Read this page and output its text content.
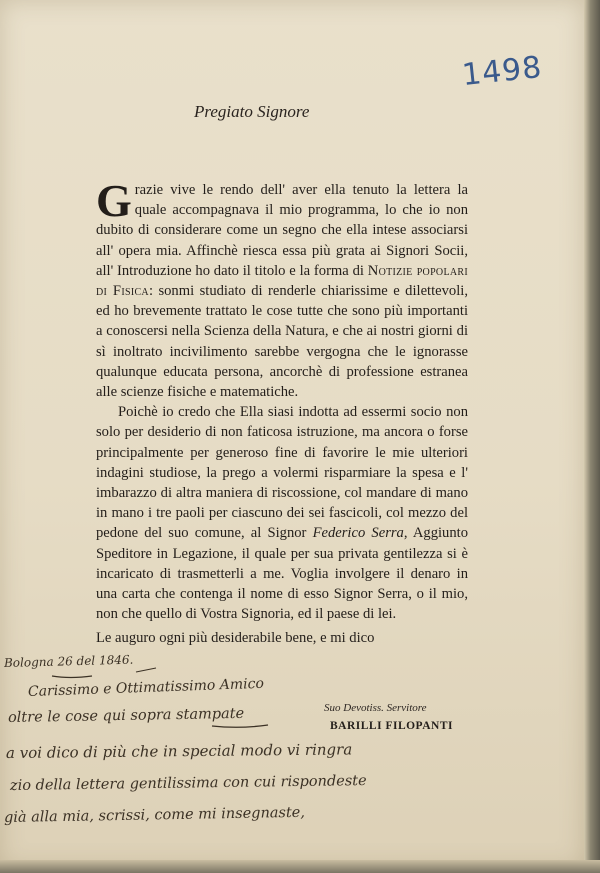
1498
Pregiato Signore

Grazie vive le rendo dell' aver ella tenuto la lettera la quale accompagnava il mio programma, lo che io non dubito di considerare come un segno che ella intese associarsi all' opera mia. Affinchè riesca essa più grata ai Signori Socii, all' Introduzione ho dato il titolo e la forma di Notizie popolari di Fisica: sonmi studiato di renderle chiarissime e dilettevoli, ed ho brevemente trattato le cose tutte che sono più importanti a conoscersi nella Scienza della Natura, e che ai nostri giorni di sì inoltrato incivilimento sarebbe vergogna che le ignorasse qualunque educata persona, ancorchè di professione estranea alle scienze fisiche e matematiche.

Poichè io credo che Ella siasi indotta ad essermi socio non solo per desiderio di non faticosa istruzione, ma ancora o forse principalmente per generoso fine di favorire le mie ulteriori indagini studiose, la prego a volermi risparmiare la spesa e l' imbarazzo di altra maniera di riscossione, col mandare di mano in mano i tre paoli per ciascuno dei sei fascicoli, col mezzo del pedone del suo comune, al Signor Federico Serra, Aggiunto Speditore in Legazione, il quale per sua privata gentilezza si è incaricato di trasmetterli a me. Voglia involgere il denaro in una carta che contenga il nome di esso Signor Serra, o il mio, non che quello di Vostra Signoria, ed il paese di lei.

Le auguro ogni più desiderabile bene, e mi dico
Suo Devotiss. Servitore
BARILLI FILOPANTI
Bologna 26 del 1846.
Carissimo e Ottimatissimo Amico
oltre le cose qui sopra stampate
a voi dico di più che in special modo vi ringra
zio della lettera gentilissima con cui rispondeste
già alla mia, scrissi, come mi insegnaste,
